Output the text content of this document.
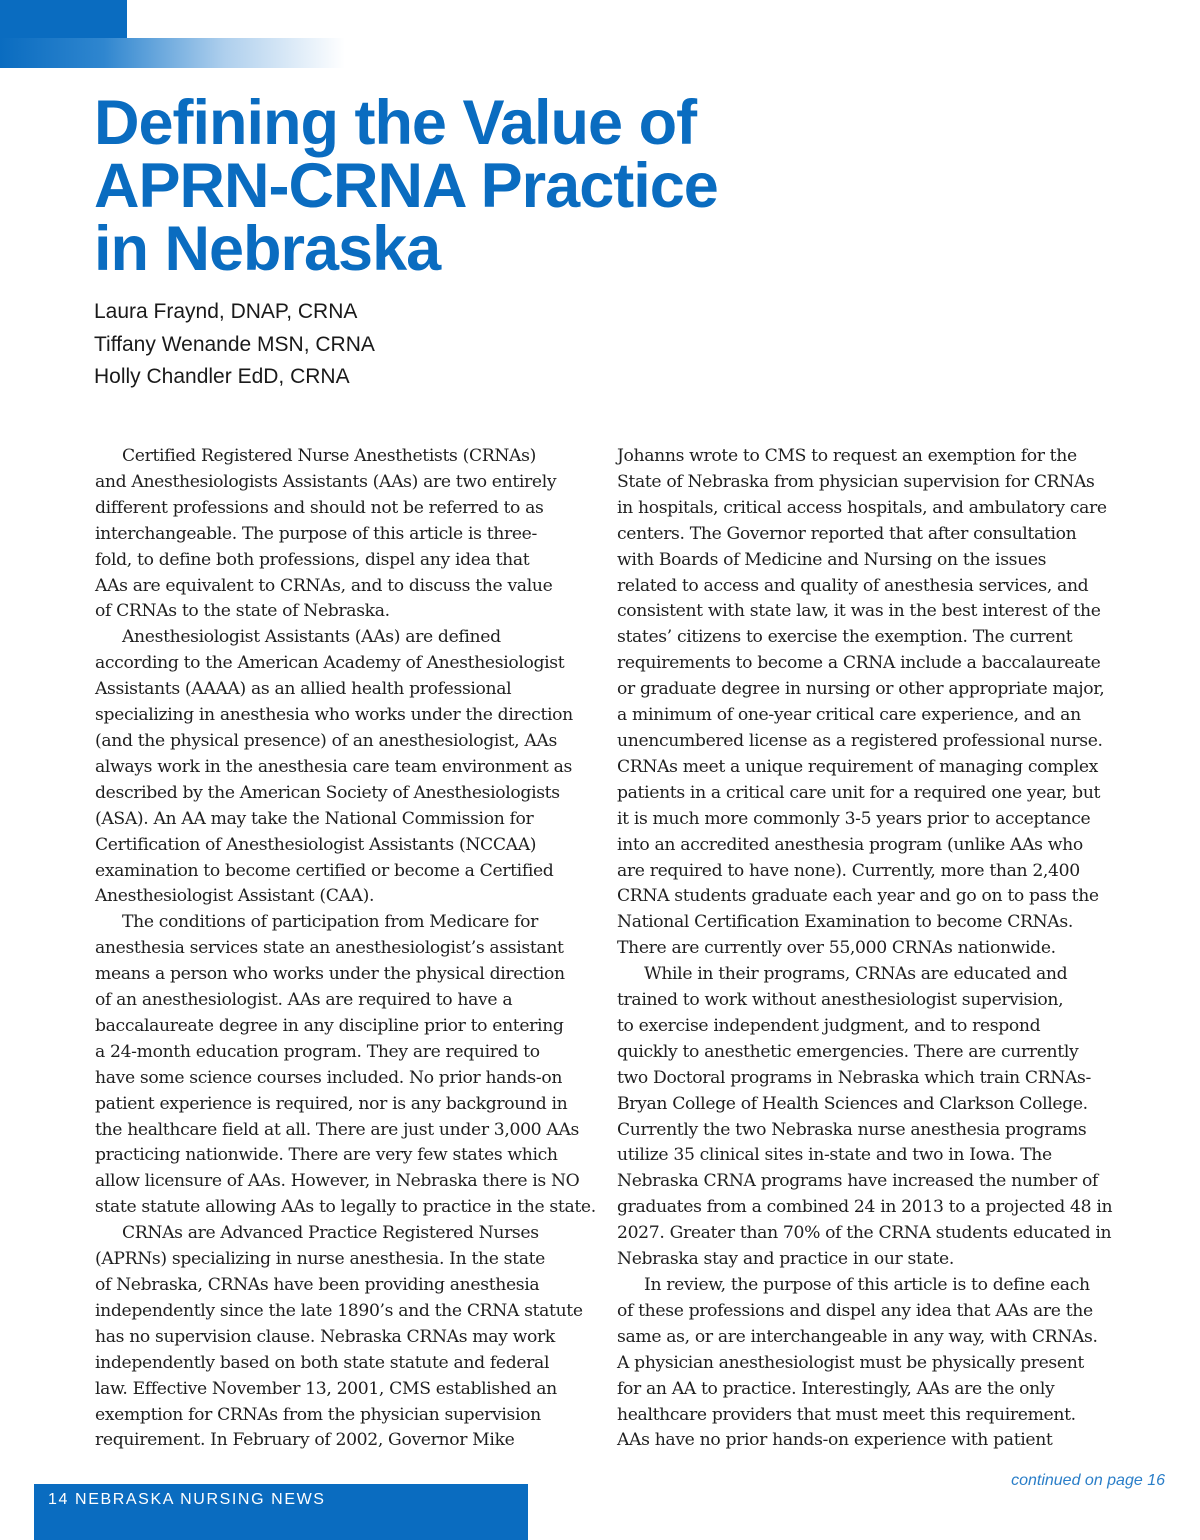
Defining the Value of
APRN-CRNA Practice
in Nebraska
Laura Fraynd, DNAP, CRNA
Tiffany Wenande MSN, CRNA
Holly Chandler EdD, CRNA
Certified Registered Nurse Anesthetists (CRNAs)
and Anesthesiologists Assistants (AAs) are two entirely
different professions and should not be referred to as
interchangeable. The purpose of this article is three-
fold, to define both professions, dispel any idea that
AAs are equivalent to CRNAs, and to discuss the value
of CRNAs to the state of Nebraska.
Anesthesiologist Assistants (AAs) are defined
according to the American Academy of Anesthesiologist
Assistants (AAAA) as an allied health professional
specializing in anesthesia who works under the direction
(and the physical presence) of an anesthesiologist, AAs
always work in the anesthesia care team environment as
described by the American Society of Anesthesiologists
(ASA). An AA may take the National Commission for
Certification of Anesthesiologist Assistants (NCCAA)
examination to become certified or become a Certified
Anesthesiologist Assistant (CAA).
The conditions of participation from Medicare for
anesthesia services state an anesthesiologist’s assistant
means a person who works under the physical direction
of an anesthesiologist. AAs are required to have a
baccalaureate degree in any discipline prior to entering
a 24-month education program. They are required to
have some science courses included. No prior hands-on
patient experience is required, nor is any background in
the healthcare field at all. There are just under 3,000 AAs
practicing nationwide. There are very few states which
allow licensure of AAs. However, in Nebraska there is NO
state statute allowing AAs to legally to practice in the state.
CRNAs are Advanced Practice Registered Nurses
(APRNs) specializing in nurse anesthesia. In the state
of Nebraska, CRNAs have been providing anesthesia
independently since the late 1890’s and the CRNA statute
has no supervision clause. Nebraska CRNAs may work
independently based on both state statute and federal
law. Effective November 13, 2001, CMS established an
exemption for CRNAs from the physician supervision
requirement. In February of 2002, Governor Mike
Johanns wrote to CMS to request an exemption for the
State of Nebraska from physician supervision for CRNAs
in hospitals, critical access hospitals, and ambulatory care
centers. The Governor reported that after consultation
with Boards of Medicine and Nursing on the issues
related to access and quality of anesthesia services, and
consistent with state law, it was in the best interest of the
states’ citizens to exercise the exemption. The current
requirements to become a CRNA include a baccalaureate
or graduate degree in nursing or other appropriate major,
a minimum of one-year critical care experience, and an
unencumbered license as a registered professional nurse.
CRNAs meet a unique requirement of managing complex
patients in a critical care unit for a required one year, but
it is much more commonly 3-5 years prior to acceptance
into an accredited anesthesia program (unlike AAs who
are required to have none). Currently, more than 2,400
CRNA students graduate each year and go on to pass the
National Certification Examination to become CRNAs.
There are currently over 55,000 CRNAs nationwide.
While in their programs, CRNAs are educated and
trained to work without anesthesiologist supervision,
to exercise independent judgment, and to respond
quickly to anesthetic emergencies. There are currently
two Doctoral programs in Nebraska which train CRNAs-
Bryan College of Health Sciences and Clarkson College.
Currently the two Nebraska nurse anesthesia programs
utilize 35 clinical sites in-state and two in Iowa. The
Nebraska CRNA programs have increased the number of
graduates from a combined 24 in 2013 to a projected 48 in
2027. Greater than 70% of the CRNA students educated in
Nebraska stay and practice in our state.
In review, the purpose of this article is to define each
of these professions and dispel any idea that AAs are the
same as, or are interchangeable in any way, with CRNAs.
A physician anesthesiologist must be physically present
for an AA to practice. Interestingly, AAs are the only
healthcare providers that must meet this requirement.
AAs have no prior hands-on experience with patient
continued on page 16
14 NEBRASKA NURSING NEWS
